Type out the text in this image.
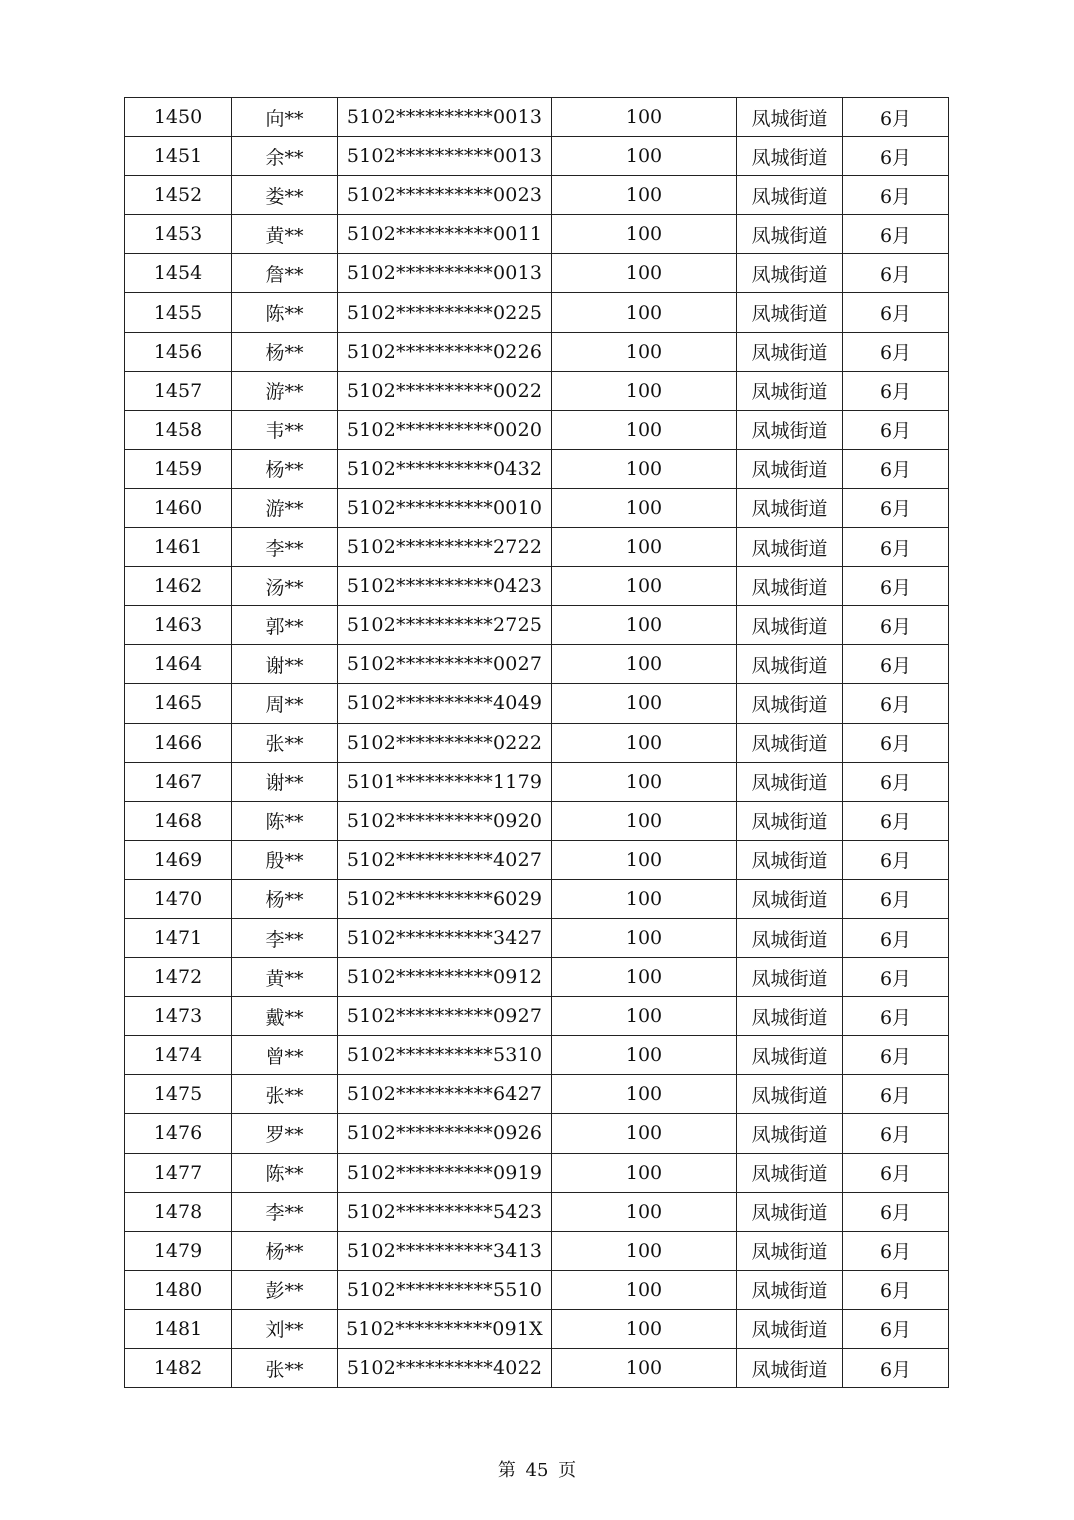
1450	向**	5102**********0013	100	凤城街道	6月
1451	余**	5102**********0013	100	凤城街道	6月
1452	娄**	5102**********0023	100	凤城街道	6月
1453	黄**	5102**********0011	100	凤城街道	6月
1454	詹**	5102**********0013	100	凤城街道	6月
1455	陈**	5102**********0225	100	凤城街道	6月
1456	杨**	5102**********0226	100	凤城街道	6月
1457	游**	5102**********0022	100	凤城街道	6月
1458	韦**	5102**********0020	100	凤城街道	6月
1459	杨**	5102**********0432	100	凤城街道	6月
1460	游**	5102**********0010	100	凤城街道	6月
1461	李**	5102**********2722	100	凤城街道	6月
1462	汤**	5102**********0423	100	凤城街道	6月
1463	郭**	5102**********2725	100	凤城街道	6月
1464	谢**	5102**********0027	100	凤城街道	6月
1465	周**	5102**********4049	100	凤城街道	6月
1466	张**	5102**********0222	100	凤城街道	6月
1467	谢**	5101**********1179	100	凤城街道	6月
1468	陈**	5102**********0920	100	凤城街道	6月
1469	殷**	5102**********4027	100	凤城街道	6月
1470	杨**	5102**********6029	100	凤城街道	6月
1471	李**	5102**********3427	100	凤城街道	6月
1472	黄**	5102**********0912	100	凤城街道	6月
1473	戴**	5102**********0927	100	凤城街道	6月
1474	曾**	5102**********5310	100	凤城街道	6月
1475	张**	5102**********6427	100	凤城街道	6月
1476	罗**	5102**********0926	100	凤城街道	6月
1477	陈**	5102**********0919	100	凤城街道	6月
1478	李**	5102**********5423	100	凤城街道	6月
1479	杨**	5102**********3413	100	凤城街道	6月
1480	彭**	5102**********5510	100	凤城街道	6月
1481	刘**	5102**********091X	100	凤城街道	6月
1482	张**	5102**********4022	100	凤城街道	6月
第 45 页
